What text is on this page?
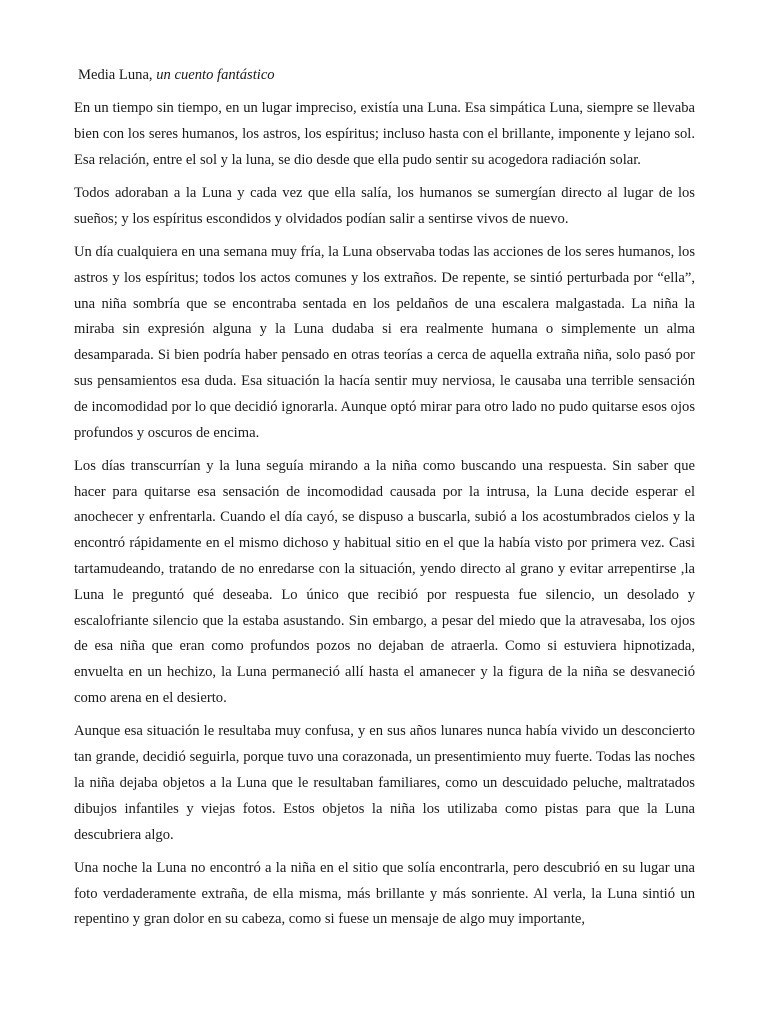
Media Luna, un cuento fantástico

En un tiempo sin tiempo, en un lugar impreciso, existía una Luna. Esa simpática Luna, siempre se llevaba bien con los seres humanos, los astros, los espíritus; incluso hasta con el brillante, imponente y lejano sol. Esa relación, entre el sol y la luna, se dio desde que ella pudo sentir su acogedora radiación solar.

Todos adoraban a la Luna y cada vez que ella salía, los humanos se sumergían directo al lugar de los sueños; y los espíritus escondidos y olvidados podían salir a sentirse vivos de nuevo.

Un día cualquiera en una semana muy fría, la Luna observaba todas las acciones de los seres humanos, los astros y los espíritus; todos los actos comunes y los extraños. De repente, se sintió perturbada por “ella”, una niña sombría que se encontraba sentada en los peldaños de una escalera malgastada. La niña la miraba sin expresión alguna y la Luna dudaba si era realmente humana o simplemente un alma desamparada. Si bien podría haber pensado en otras teorías a cerca de aquella extraña niña, solo pasó por sus pensamientos esa duda. Esa situación la hacía sentir muy nerviosa, le causaba una terrible sensación de incomodidad por lo que decidió ignorarla. Aunque optó mirar para otro lado no pudo quitarse esos ojos profundos y oscuros de encima.

Los días transcurrían y la luna seguía mirando a la niña como buscando una respuesta. Sin saber que hacer para quitarse esa sensación de incomodidad causada por la intrusa, la Luna decide esperar el anochecer y enfrentarla. Cuando el día cayó, se dispuso a buscarla, subió a los acostumbrados cielos y la encontró rápidamente en el mismo dichoso y habitual sitio en el que la había visto por primera vez. Casi tartamudeando, tratando de no enredarse con la situación, yendo directo al grano y evitar arrepentirse ,la Luna le preguntó qué deseaba. Lo único que recibió por respuesta fue silencio, un desolado y escalofriante silencio que la estaba asustando. Sin embargo, a pesar del miedo que la atravesaba, los ojos de esa niña que eran como profundos pozos no dejaban de atraerla. Como si estuviera hipnotizada, envuelta en un hechizo, la Luna permaneció allí hasta el amanecer y la figura de la niña se desvaneció como arena en el desierto.

Aunque esa situación le resultaba muy confusa, y en sus años lunares nunca había vivido un desconcierto tan grande, decidió seguirla, porque tuvo una corazonada, un presentimiento muy fuerte. Todas las noches la niña dejaba objetos a la Luna que le resultaban familiares, como un descuidado peluche, maltratados dibujos infantiles y viejas fotos. Estos objetos la niña los utilizaba como pistas para que la Luna descubriera algo.

Una noche la Luna no encontró a la niña en el sitio que solía encontrarla, pero descubrió en su lugar una foto verdaderamente extraña, de ella misma, más brillante y más sonriente. Al verla, la Luna sintió un repentino y gran dolor en su cabeza, como si fuese un mensaje de algo muy importante,
